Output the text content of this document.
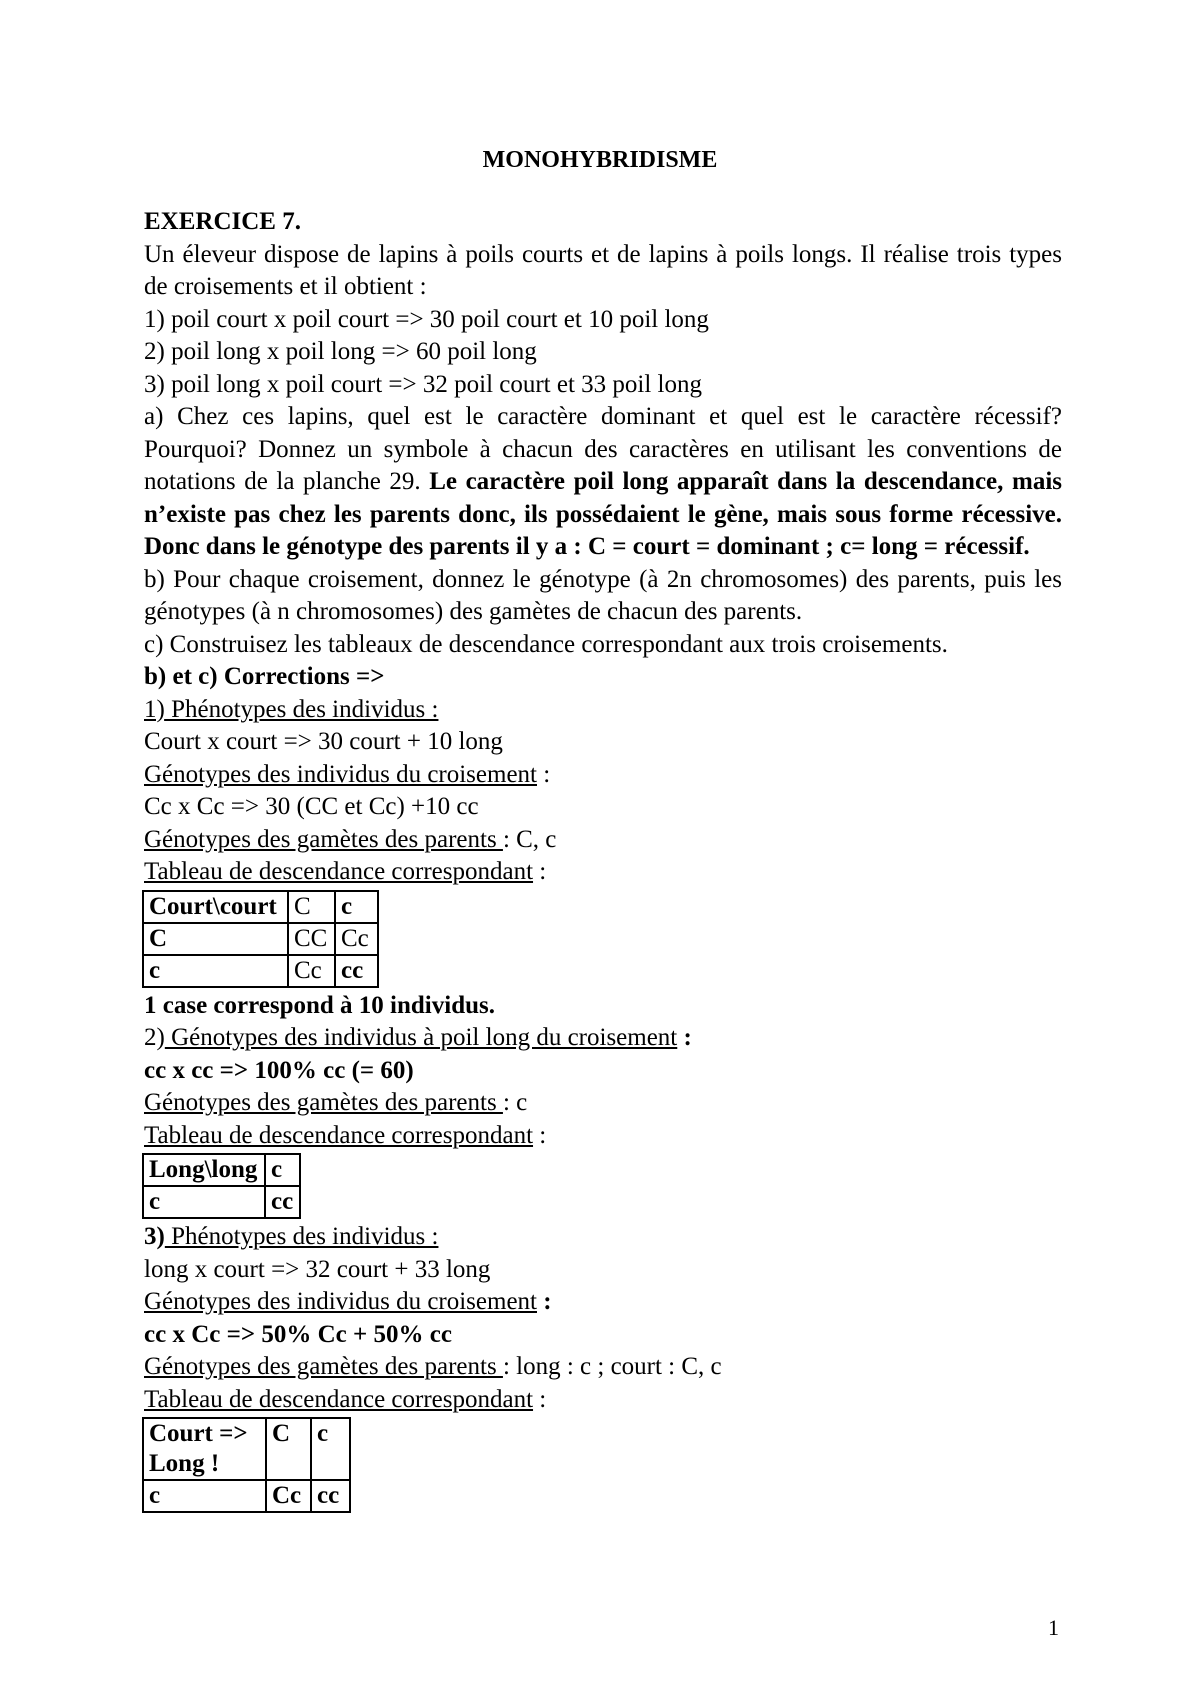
MONOHYBRIDISME
EXERCICE 7.
Un éleveur dispose de lapins à poils courts et de lapins à poils longs. Il réalise trois types de croisements et il obtient :
1) poil court x poil court => 30 poil court et 10 poil long
2) poil long x poil long => 60 poil long
3) poil long x poil court => 32 poil court et 33 poil long
a) Chez ces lapins, quel est le caractère dominant et quel est le caractère récessif? Pourquoi? Donnez un symbole à chacun des caractères en utilisant les conventions de notations de la planche 29. Le caractère poil long apparaît dans la descendance, mais n’existe pas chez les parents donc, ils possédaient le gène, mais sous forme récessive. Donc dans le génotype des parents il y a : C = court = dominant ; c= long = récessif.
b) Pour chaque croisement, donnez le génotype (à 2n chromosomes) des parents, puis les génotypes (à n chromosomes) des gamètes de chacun des parents.
c) Construisez les tableaux de descendance correspondant aux trois croisements.
b) et c) Corrections =>
1) Phénotypes des individus :
Court x court => 30 court + 10 long
Génotypes des individus du croisement :
Cc x Cc => 30 (CC et Cc) +10 cc
Génotypes des gamètes des parents : C, c
Tableau de descendance correspondant :
Court\court	C	c
C	CC	Cc
c	Cc	cc
1 case correspond à 10 individus.
2) Génotypes des individus à poil long du croisement :
cc x cc => 100% cc (= 60)
Génotypes des gamètes des parents : c
Tableau de descendance correspondant :
Long\long	c
c	cc
3) Phénotypes des individus :
long x court => 32 court + 33 long
Génotypes des individus du croisement :
cc x Cc => 50% Cc + 50% cc
Génotypes des gamètes des parents : long : c ; court : C, c
Tableau de descendance correspondant :
Court =>
Long !	C	c
c	Cc	cc
1
